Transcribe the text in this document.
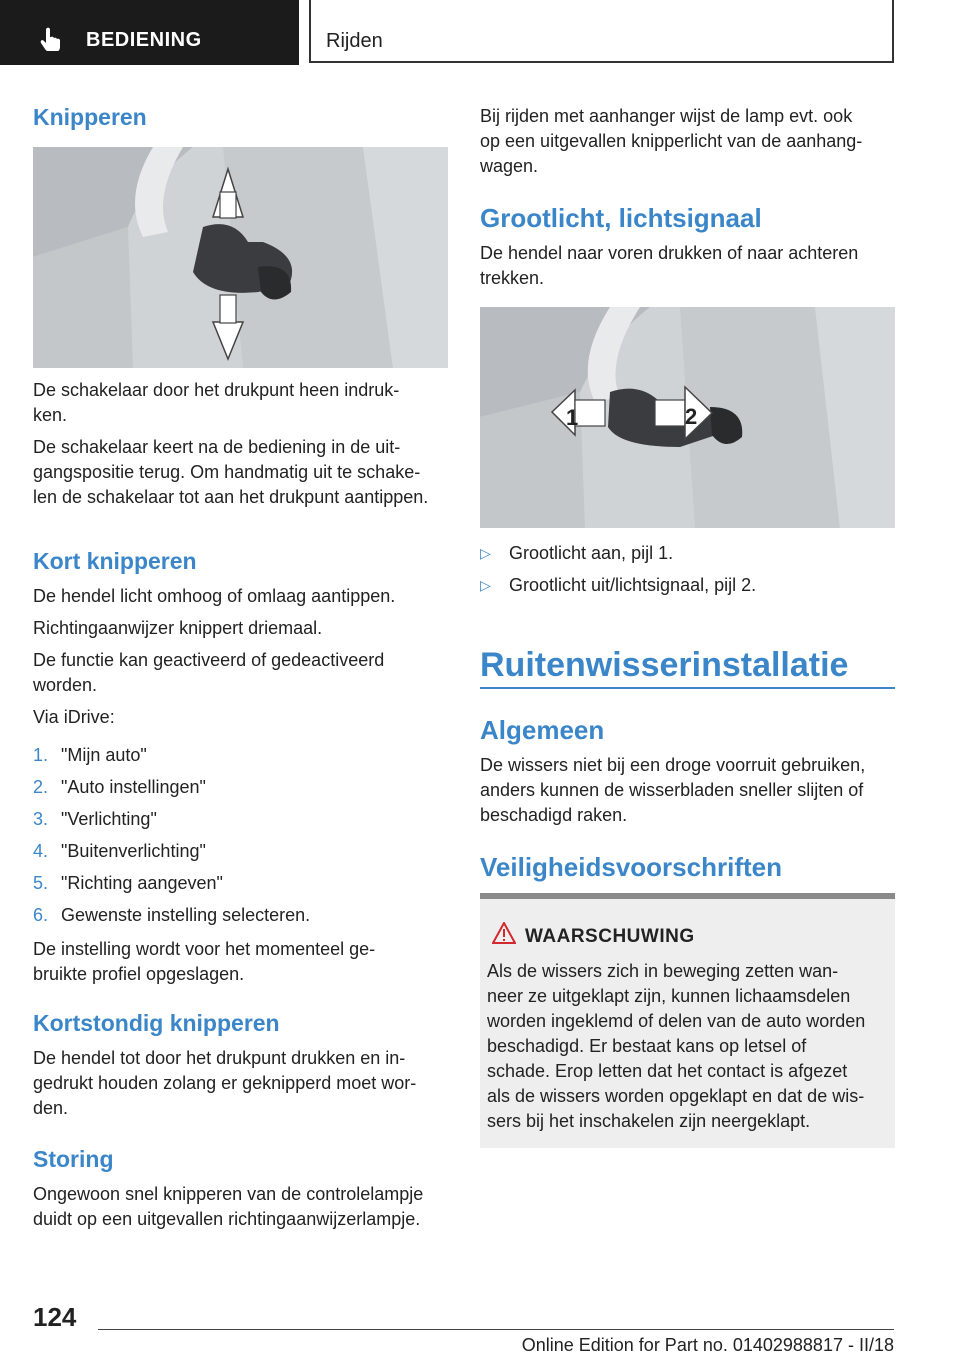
BEDIENING	Rijden
Knipperen

De schakelaar door het drukpunt heen indruk-

ken.

De schakelaar keert na de bediening in de uit-

gangspositie terug. Om handmatig uit te schake-

len de schakelaar tot aan het drukpunt aantippen.

Kort knipperen

De hendel licht omhoog of omlaag aantippen.

Richtingaanwijzer knippert driemaal.

De functie kan geactiveerd of gedeactiveerd

worden.

Via iDrive:

1. "Mijn auto"
2. "Auto instellingen"
3. "Verlichting"
4. "Buitenverlichting"
5. "Richting aangeven"
6. Gewenste instelling selecteren.

De instelling wordt voor het momenteel ge-

bruikte profiel opgeslagen.

Kortstondig knipperen

De hendel tot door het drukpunt drukken en in-

gedrukt houden zolang er geknipperd moet wor-

den.

Storing

Ongewoon snel knipperen van de controlelampje

duidt op een uitgevallen richtingaanwijzerlampje.

Bij rijden met aanhanger wijst de lamp evt. ook

op een uitgevallen knipperlicht van de aanhang-

wagen.

Grootlicht, lichtsignaal

De hendel naar voren drukken of naar achteren

trekken.

1	2
▷ Grootlicht aan, pijl 1.
▷ Grootlicht uit/lichtsignaal, pijl 2.
Ruitenwisserinstallatie
Algemeen

De wissers niet bij een droge voorruit gebruiken,

anders kunnen de wisserbladen sneller slijten of

beschadigd raken.

Veiligheidsvoorschriften
WAARSCHUWING

Als de wissers zich in beweging zetten wan-

neer ze uitgeklapt zijn, kunnen lichaamsdelen

worden ingeklemd of delen van de auto worden

beschadigd. Er bestaat kans op letsel of

schade. Erop letten dat het contact is afgezet

als de wissers worden opgeklapt en dat de wis-

sers bij het inschakelen zijn neergeklapt.

124
Online Edition for Part no. 01402988817 - II/18
